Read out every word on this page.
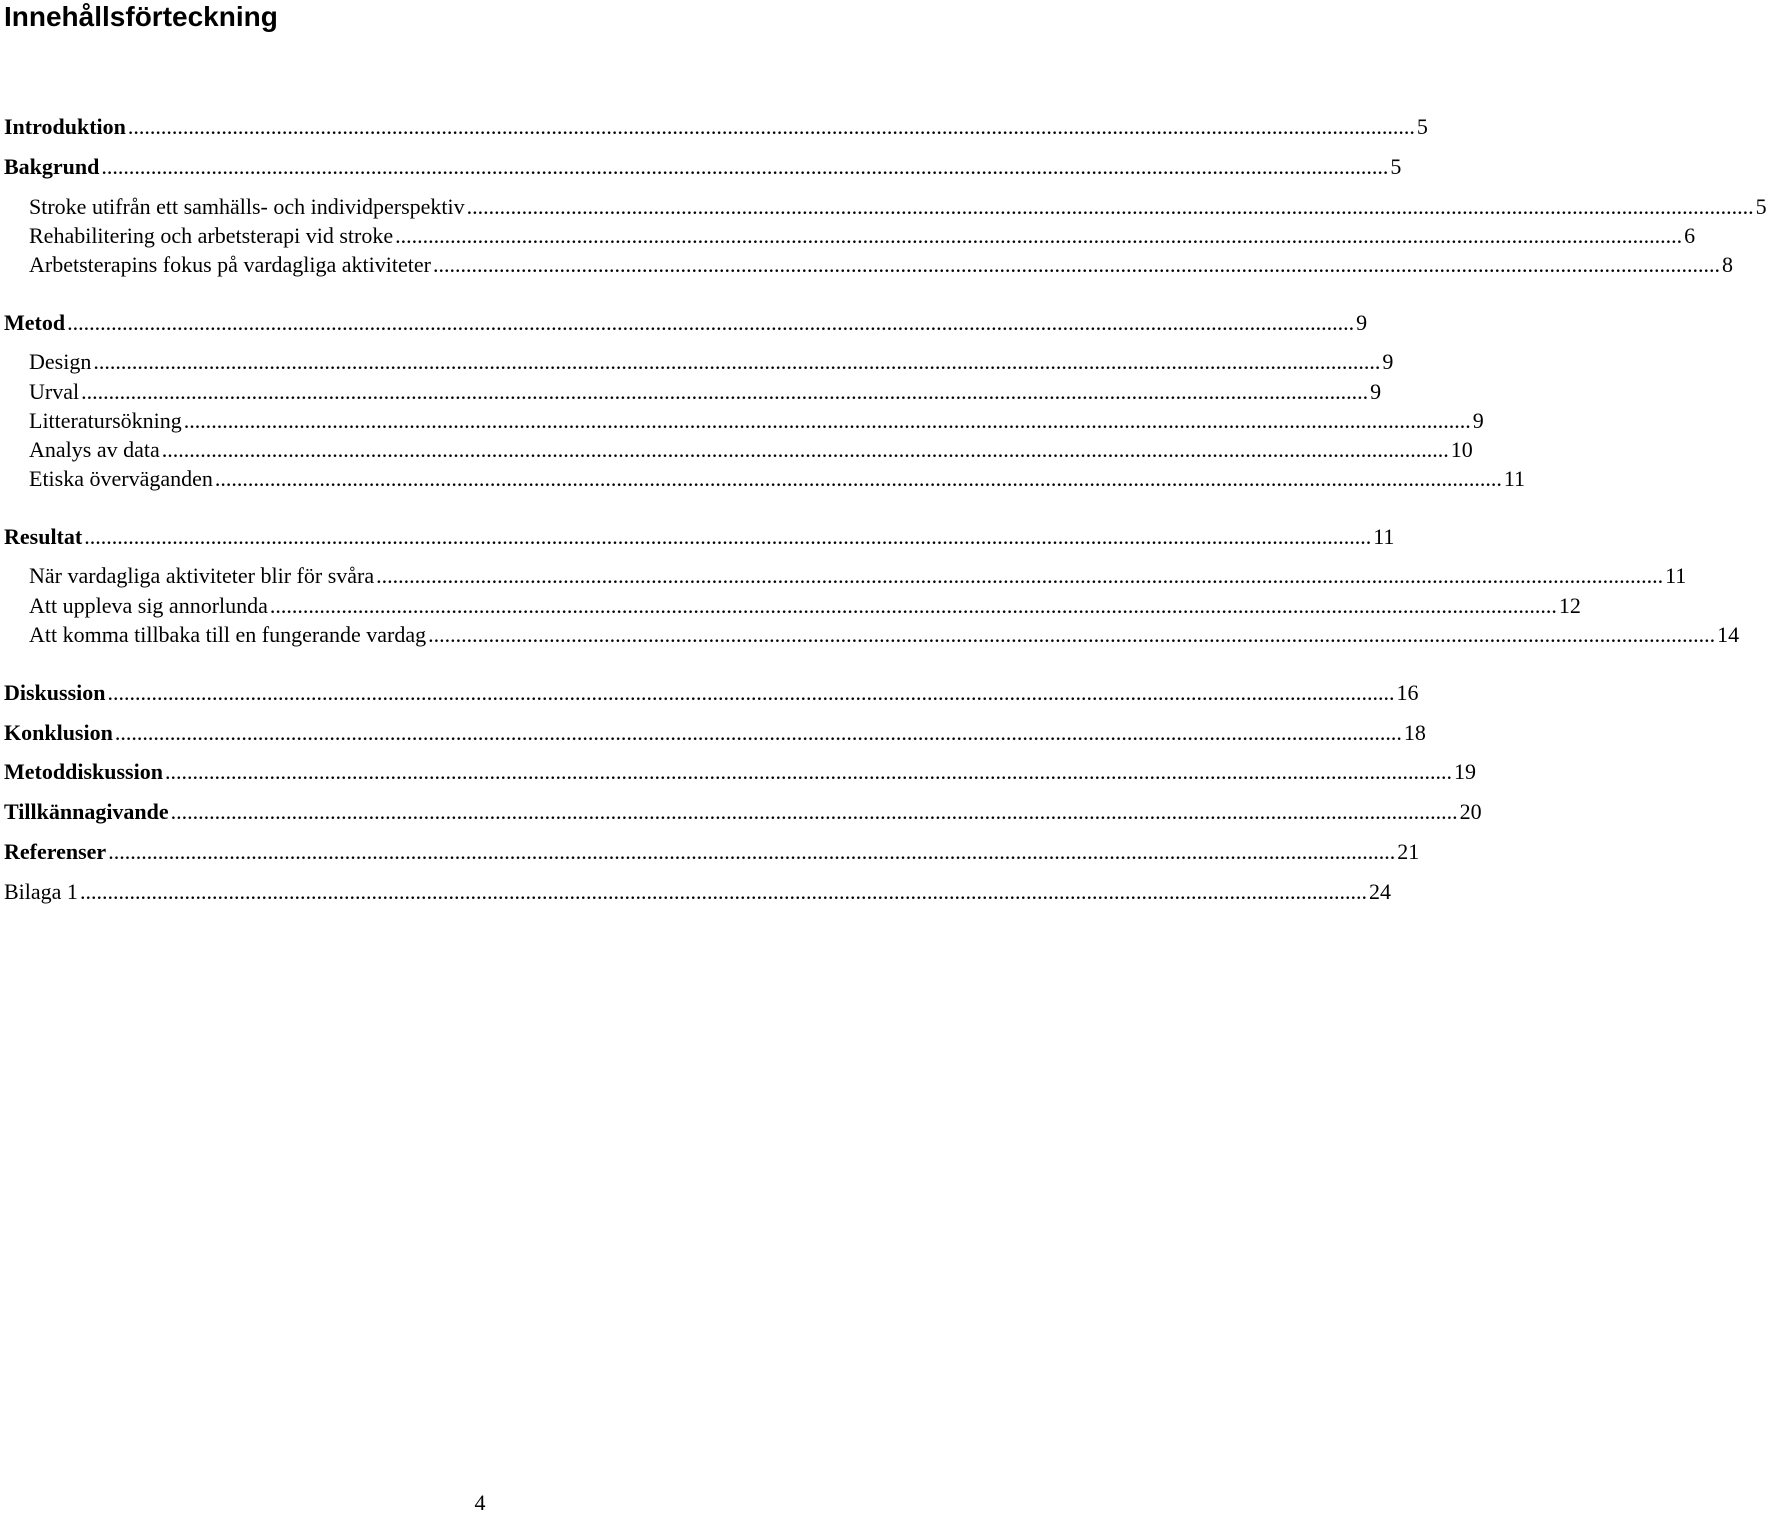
Innehållsförteckning
Introduktion .....	5
Bakgrund .....	5
Stroke utifrån ett samhälls- och individperspektiv .....	5
Rehabilitering och arbetsterapi vid stroke .....	6
Arbetsterapins fokus på vardagliga aktiviteter .....	8
Metod .....	9
Design .....	9
Urval .....	9
Litteratursökning .....	9
Analys av data .....	10
Etiska överväganden .....	11
Resultat .....	11
När vardagliga aktiviteter blir för svåra .....	11
Att uppleva sig annorlunda .....	12
Att komma tillbaka till en fungerande vardag .....	14
Diskussion .....	16
Konklusion .....	18
Metoddiskussion .....	19
Tillkännagivande .....	20
Referenser .....	21
Bilaga 1 .....	24
4
